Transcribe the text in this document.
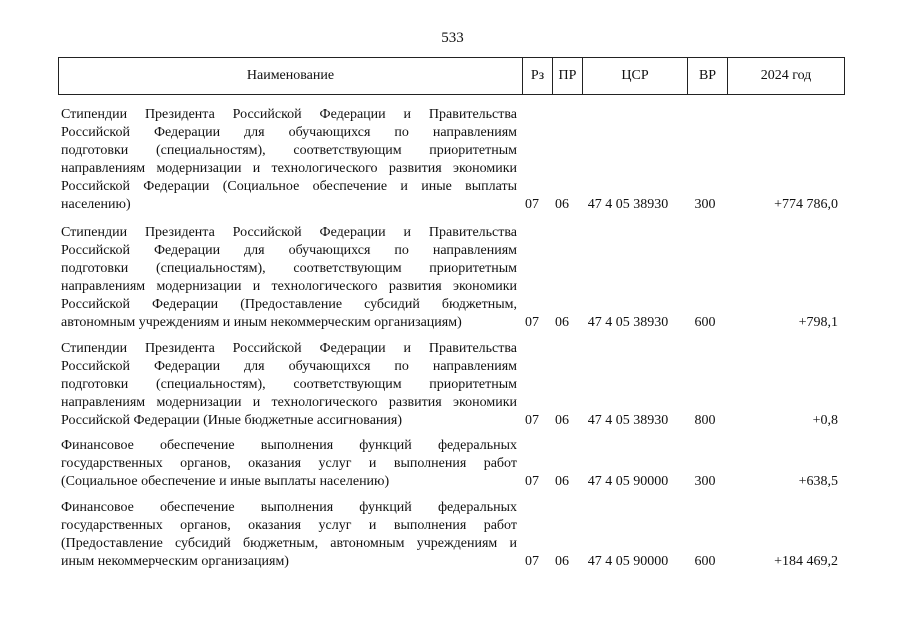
533
Наименование	Рз	ПР	ЦСР	ВР	2024 год
Стипендии Президента Российской Федерации и Правительства
Российской Федерации для обучающихся по направлениям
подготовки (специальностям), соответствующим приоритетным
направлениям модернизации и технологического развития экономики
Российской Федерации (Социальное обеспечение и иные выплаты
населению)	07	06	47 4 05 38930	300	+774 786,0
Стипендии Президента Российской Федерации и Правительства
Российской Федерации для обучающихся по направлениям
подготовки (специальностям), соответствующим приоритетным
направлениям модернизации и технологического развития экономики
Российской Федерации (Предоставление субсидий бюджетным,
автономным учреждениям и иным некоммерческим организациям)	07	06	47 4 05 38930	600	+798,1
Стипендии Президента Российской Федерации и Правительства
Российской Федерации для обучающихся по направлениям
подготовки (специальностям), соответствующим приоритетным
направлениям модернизации и технологического развития экономики
Российской Федерации (Иные бюджетные ассигнования)	07	06	47 4 05 38930	800	+0,8
Финансовое обеспечение выполнения функций федеральных
государственных органов, оказания услуг и выполнения работ
(Социальное обеспечение и иные выплаты населению)	07	06	47 4 05 90000	300	+638,5
Финансовое обеспечение выполнения функций федеральных
государственных органов, оказания услуг и выполнения работ
(Предоставление субсидий бюджетным, автономным учреждениям и
иным некоммерческим организациям)	07	06	47 4 05 90000	600	+184 469,2
